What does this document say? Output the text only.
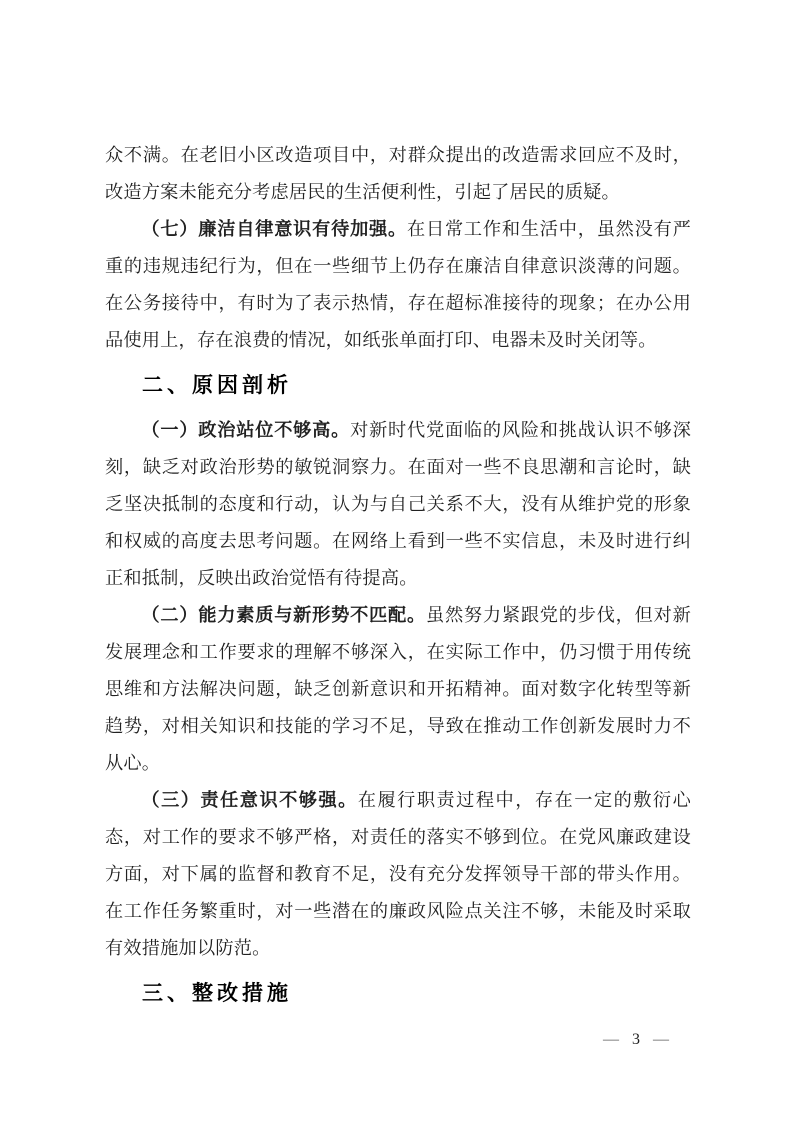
众不满。在老旧小区改造项目中，对群众提出的改造需求回应不及时，改造方案未能充分考虑居民的生活便利性，引起了居民的质疑。

（七）廉洁自律意识有待加强。在日常工作和生活中，虽然没有严重的违规违纪行为，但在一些细节上仍存在廉洁自律意识淡薄的问题。在公务接待中，有时为了表示热情，存在超标准接待的现象；在办公用品使用上，存在浪费的情况，如纸张单面打印、电器未及时关闭等。

二、原因剖析

（一）政治站位不够高。对新时代党面临的风险和挑战认识不够深刻，缺乏对政治形势的敏锐洞察力。在面对一些不良思潮和言论时，缺乏坚决抵制的态度和行动，认为与自己关系不大，没有从维护党的形象和权威的高度去思考问题。在网络上看到一些不实信息，未及时进行纠正和抵制，反映出政治觉悟有待提高。

（二）能力素质与新形势不匹配。虽然努力紧跟党的步伐，但对新发展理念和工作要求的理解不够深入，在实际工作中，仍习惯于用传统思维和方法解决问题，缺乏创新意识和开拓精神。面对数字化转型等新趋势，对相关知识和技能的学习不足，导致在推动工作创新发展时力不从心。

（三）责任意识不够强。在履行职责过程中，存在一定的敷衍心态，对工作的要求不够严格，对责任的落实不够到位。在党风廉政建设方面，对下属的监督和教育不足，没有充分发挥领导干部的带头作用。在工作任务繁重时，对一些潜在的廉政风险点关注不够，未能及时采取有效措施加以防范。

三、整改措施
— 3 —
